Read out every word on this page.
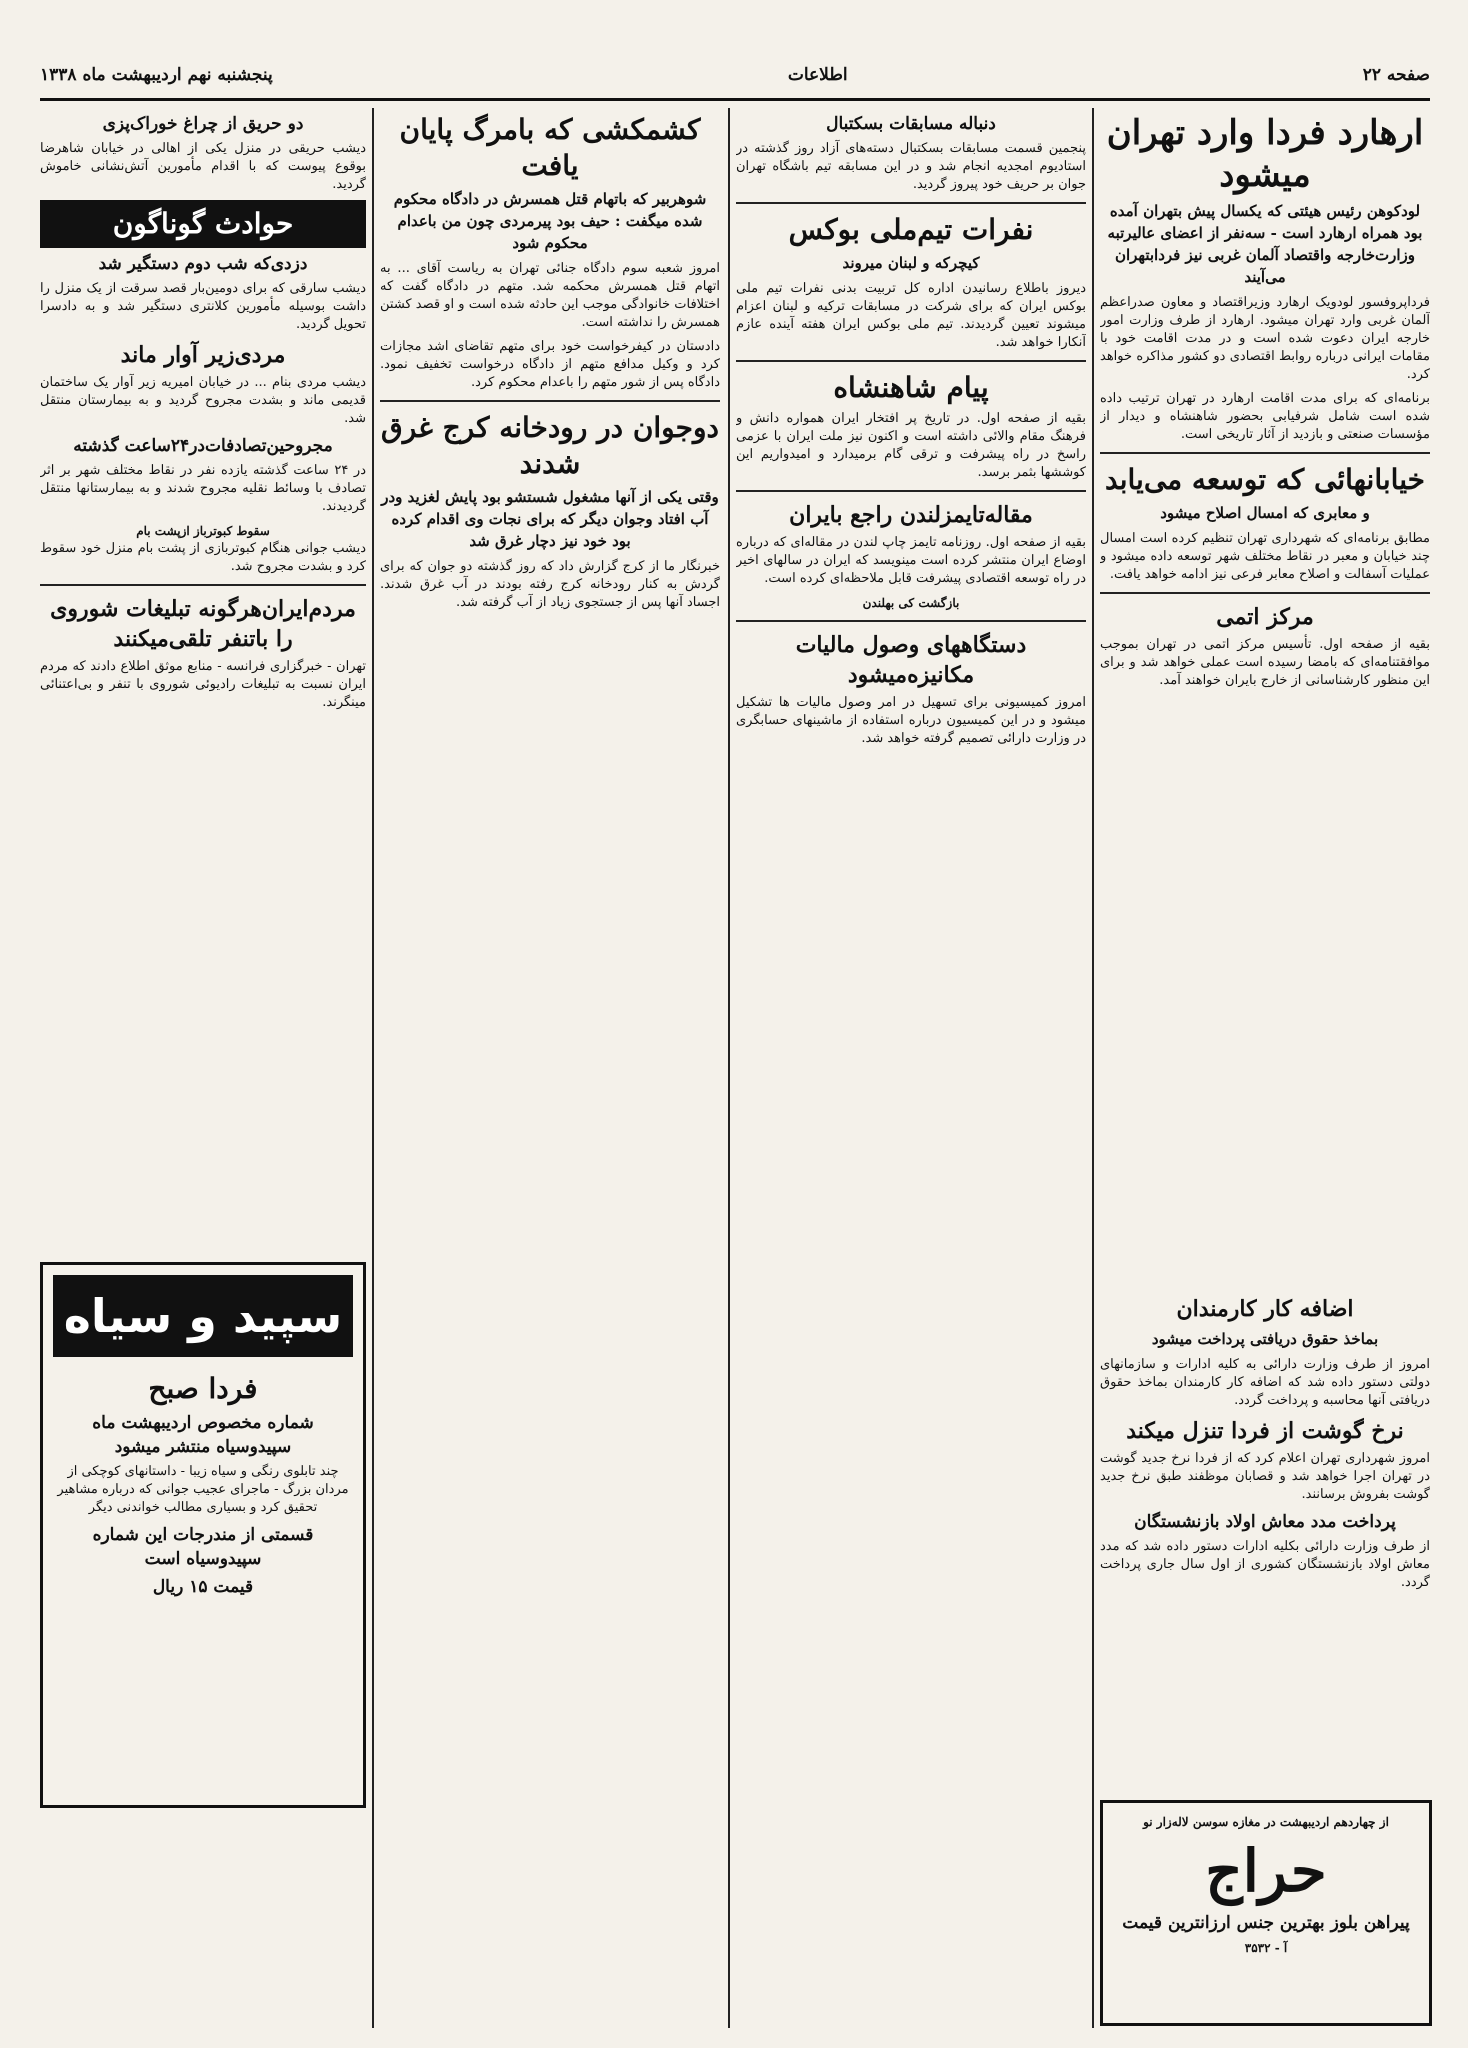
صفحه ۲۲
اطلاعات
پنجشنبه نهم اردیبهشت ماه ۱۳۳۸
ارهارد فردا وارد تهران میشود
لودکوهن رئیس هیئتی که یکسال پیش بتهران آمده بود همراه ارهارد است - سه‌نفر از اعضای عالیرتبه وزارت‌خارجه واقتصاد آلمان غربی نیز فردابتهران می‌آیند

فرداپروفسور لودویک ارهارد وزیراقتصاد و معاون صدراعظم آلمان غربی وارد تهران میشود. ارهارد از طرف وزارت امور خارجه ایران دعوت شده است و در مدت اقامت خود با مقامات ایرانی درباره روابط اقتصادی دو کشور مذاکره خواهد کرد.

برنامه‌ای که برای مدت اقامت ارهارد در تهران ترتیب داده شده است شامل شرفیابی بحضور شاهنشاه و دیدار از مؤسسات صنعتی و بازدید از آثار تاریخی است.

خیابانهائی که توسعه می‌یابد
و معابری که امسال اصلاح میشود

مطابق برنامه‌ای که شهرداری تهران تنظیم کرده است امسال چند خیابان و معبر در نقاط مختلف شهر توسعه داده میشود و عملیات آسفالت و اصلاح معابر فرعی نیز ادامه خواهد یافت.

مرکز اتمی

بقیه از صفحه اول. تأسیس مرکز اتمی در تهران بموجب موافقتنامه‌ای که بامضا رسیده است عملی خواهد شد و برای این منظور کارشناسانی از خارج بایران خواهند آمد.

دنباله مسابقات بسکتبال

پنجمین قسمت مسابقات بسکتبال دسته‌های آزاد روز گذشته در استادیوم امجدیه انجام شد و در این مسابقه تیم باشگاه تهران جوان بر حریف خود پیروز گردید.

نفرات تیم‌ملی بوکس
کیچرکه و لبنان میروند

دیروز باطلاع رسانیدن اداره کل تربیت بدنی نفرات تیم ملی بوکس ایران که برای شرکت در مسابقات ترکیه و لبنان اعزام میشوند تعیین گردیدند. تیم ملی بوکس ایران هفته آینده عازم آنکارا خواهد شد.

پیام شاهنشاه

بقیه از صفحه اول. در تاریخ پر افتخار ایران همواره دانش و فرهنگ مقام والائی داشته است و اکنون نیز ملت ایران با عزمی راسخ در راه پیشرفت و ترقی گام برمیدارد و امیدواریم این کوششها بثمر برسد.

مقاله‌تایمزلندن راجع بایران

بقیه از صفحه اول. روزنامه تایمز چاپ لندن در مقاله‌ای که درباره اوضاع ایران منتشر کرده است مینویسد که ایران در سالهای اخیر در راه توسعه اقتصادی پیشرفت قابل ملاحظه‌ای کرده است.

بازگشت کی بهلندن
دستگاههای وصول مالیات مکانیزه‌میشود

امروز کمیسیونی برای تسهیل در امر وصول مالیات ها تشکیل میشود و در این کمیسیون درباره استفاده از ماشینهای حسابگری در وزارت دارائی تصمیم گرفته خواهد شد.

کشمکشی که بامرگ پایان یافت
شوهربیر که باتهام قتل همسرش در دادگاه محکوم شده میگفت : حیف بود پیرمردی چون من باعدام محکوم شود

امروز شعبه سوم دادگاه جنائی تهران به ریاست آقای ... به اتهام قتل همسرش محکمه شد. متهم در دادگاه گفت که اختلافات خانوادگی موجب این حادثه شده است و او قصد کشتن همسرش را نداشته است.

دادستان در کیفرخواست خود برای متهم تقاضای اشد مجازات کرد و وکیل مدافع متهم از دادگاه درخواست تخفیف نمود. دادگاه پس از شور متهم را باعدام محکوم کرد.

دوجوان در رودخانه کرج غرق شدند
وقتی یکی از آنها مشغول شستشو بود پایش لغزید ودر آب افتاد وجوان دیگر که برای نجات وی اقدام کرده بود خود نیز دچار غرق شد

خبرنگار ما از کرج گزارش داد که روز گذشته دو جوان که برای گردش به کنار رودخانه کرج رفته بودند در آب غرق شدند. اجساد آنها پس از جستجوی زیاد از آب گرفته شد.

دو حریق از چراغ خوراک‌پزی

دیشب حریقی در منزل یکی از اهالی در خیابان شاهرضا بوقوع پیوست که با اقدام مأمورین آتش‌نشانی خاموش گردید.

حوادث گوناگون
دزدی‌که شب دوم دستگیر شد

دیشب سارقی که برای دومین‌بار قصد سرقت از یک منزل را داشت بوسیله مأمورین کلانتری دستگیر شد و به دادسرا تحویل گردید.

مردی‌زیر آوار ماند

دیشب مردی بنام ... در خیابان امیریه زیر آوار یک ساختمان قدیمی ماند و بشدت مجروح گردید و به بیمارستان منتقل شد.

مجروحین‌تصادفات‌در۲۴ساعت گذشته

در ۲۴ ساعت گذشته یازده نفر در نقاط مختلف شهر بر اثر تصادف با وسائط نقلیه مجروح شدند و به بیمارستانها منتقل گردیدند.

سقوط کبوترباز ازپشت بام

دیشب جوانی هنگام کبوتربازی از پشت بام منزل خود سقوط کرد و بشدت مجروح شد.

مردم‌ایران‌هرگونه تبلیغات شوروی را باتنفر تلقی‌میکنند

تهران - خبرگزاری فرانسه - منابع موثق اطلاع دادند که مردم ایران نسبت به تبلیغات رادیوئی شوروی با تنفر و بی‌اعتنائی مینگرند.

سپید و سیاه
فردا صبح
شماره مخصوص اردیبهشت ماه سپیدوسیاه منتشر میشود

چند تابلوی رنگی و سیاه زیبا - داستانهای کوچکی از مردان بزرگ - ماجرای عجیب جوانی که درباره مشاهیر تحقیق کرد و بسیاری مطالب خواندنی دیگر

قسمتی از مندرجات این شماره سپیدوسیاه است
قیمت ۱۵ ریال
اضافه کار کارمندان
بماخذ حقوق دریافتی پرداخت میشود

امروز از طرف وزارت دارائی به کلیه ادارات و سازمانهای دولتی دستور داده شد که اضافه کار کارمندان بماخذ حقوق دریافتی آنها محاسبه و پرداخت گردد.

نرخ گوشت از فردا تنزل میکند

امروز شهرداری تهران اعلام کرد که از فردا نرخ جدید گوشت در تهران اجرا خواهد شد و قصابان موظفند طبق نرخ جدید گوشت بفروش برسانند.

پرداخت مدد معاش اولاد بازنشستگان

از طرف وزارت دارائی بکلیه ادارات دستور داده شد که مدد معاش اولاد بازنشستگان کشوری از اول سال جاری پرداخت گردد.

از چهاردهم اردیبهشت در مغازه سوسن لاله‌زار نو
حراج
پیراهن بلوز بهترین جنس ارزانترین قیمت
آ - ۳۵۳۲
